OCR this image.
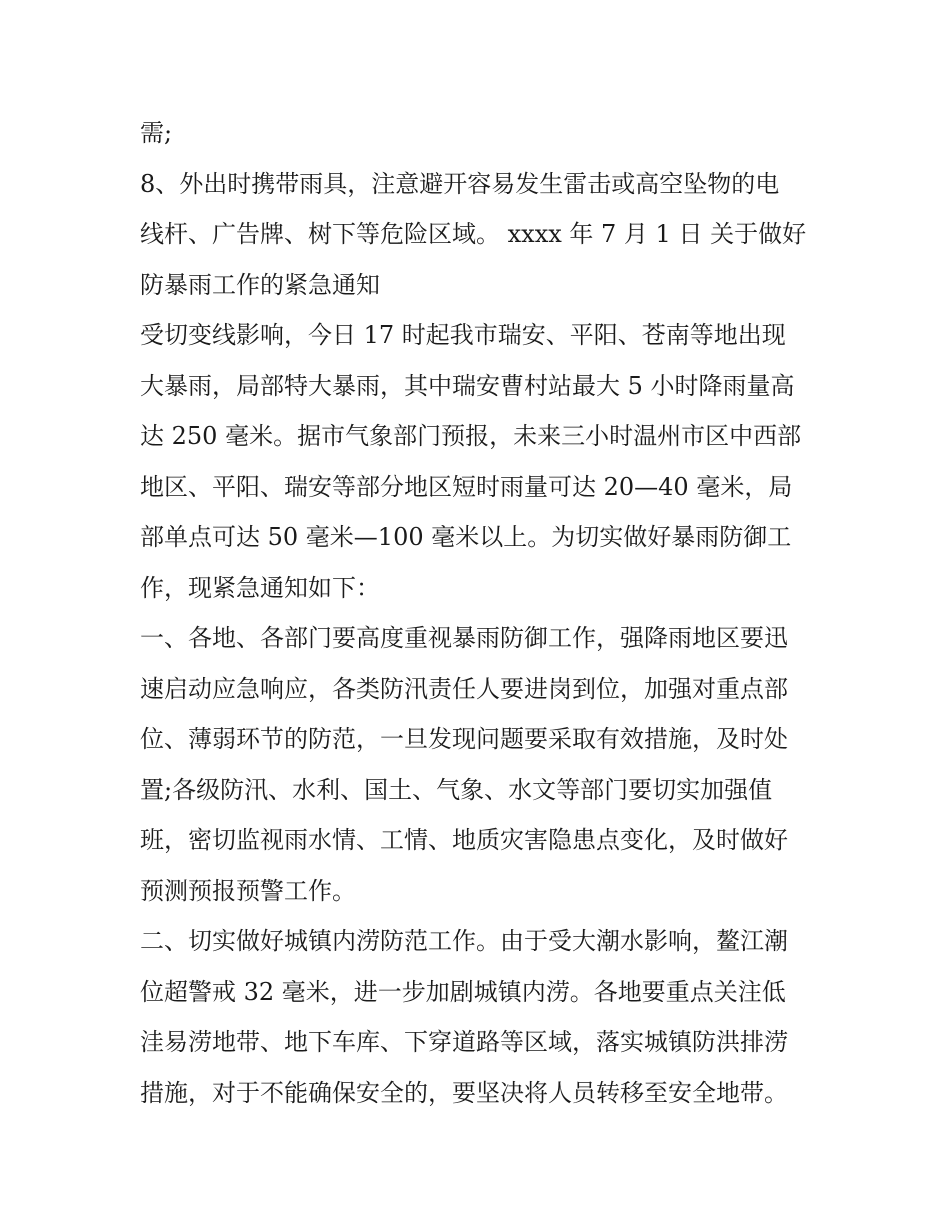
需;
8、外出时携带雨具，注意避开容易发生雷击或高空坠物的电
线杆、广告牌、树下等危险区域。 xxxx 年 7 月 1 日 关于做好
防暴雨工作的紧急通知
受切变线影响，今日 17 时起我市瑞安、平阳、苍南等地出现
大暴雨，局部特大暴雨，其中瑞安曹村站最大 5 小时降雨量高
达 250 毫米。据市气象部门预报，未来三小时温州市区中西部
地区、平阳、瑞安等部分地区短时雨量可达 20—40 毫米，局
部单点可达 50 毫米—100 毫米以上。为切实做好暴雨防御工
作，现紧急通知如下：
一、各地、各部门要高度重视暴雨防御工作，强降雨地区要迅
速启动应急响应，各类防汛责任人要进岗到位，加强对重点部
位、薄弱环节的防范，一旦发现问题要采取有效措施，及时处
置;各级防汛、水利、国土、气象、水文等部门要切实加强值
班，密切监视雨水情、工情、地质灾害隐患点变化，及时做好
预测预报预警工作。
二、切实做好城镇内涝防范工作。由于受大潮水影响，鳌江潮
位超警戒 32 毫米，进一步加剧城镇内涝。各地要重点关注低
洼易涝地带、地下车库、下穿道路等区域，落实城镇防洪排涝
措施，对于不能确保安全的，要坚决将人员转移至安全地带。
